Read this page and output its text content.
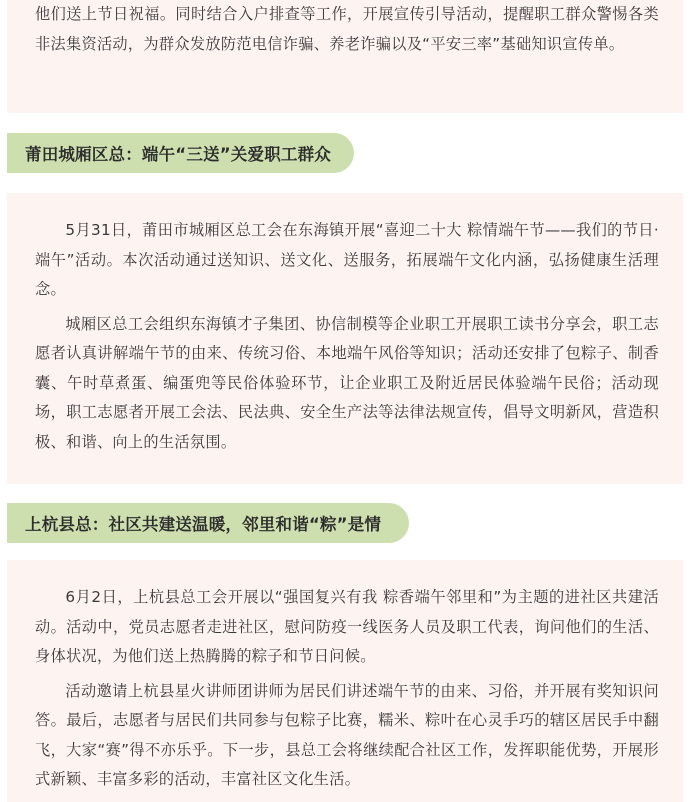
他们送上节日祝福。同时结合入户排查等工作，开展宣传引导活动，提醒职工群众警惕各类非法集资活动，为群众发放防范电信诈骗、养老诈骗以及“平安三率”基础知识宣传单。

莆田城厢区总：端午“三送”关爱职工群众

5月31日，莆田市城厢区总工会在东海镇开展“喜迎二十大 粽情端午节——我们的节日·端午”活动。本次活动通过送知识、送文化、送服务，拓展端午文化内涵，弘扬健康生活理念。

城厢区总工会组织东海镇才子集团、协信制模等企业职工开展职工读书分享会，职工志愿者认真讲解端午节的由来、传统习俗、本地端午风俗等知识；活动还安排了包粽子、制香囊、午时草煮蛋、编蛋兜等民俗体验环节，让企业职工及附近居民体验端午民俗；活动现场，职工志愿者开展工会法、民法典、安全生产法等法律法规宣传，倡导文明新风，营造积极、和谐、向上的生活氛围。

上杭县总：社区共建送温暖，邻里和谐“粽”是情

6月2日，上杭县总工会开展以“强国复兴有我 粽香端午邻里和”为主题的进社区共建活动。活动中，党员志愿者走进社区，慰问防疫一线医务人员及职工代表，询问他们的生活、身体状况，为他们送上热腾腾的粽子和节日问候。

活动邀请上杭县星火讲师团讲师为居民们讲述端午节的由来、习俗，并开展有奖知识问答。最后，志愿者与居民们共同参与包粽子比赛，糯米、粽叶在心灵手巧的辖区居民手中翻飞，大家“赛”得不亦乐乎。下一步，县总工会将继续配合社区工作，发挥职能优势，开展形式新颖、丰富多彩的活动，丰富社区文化生活。
